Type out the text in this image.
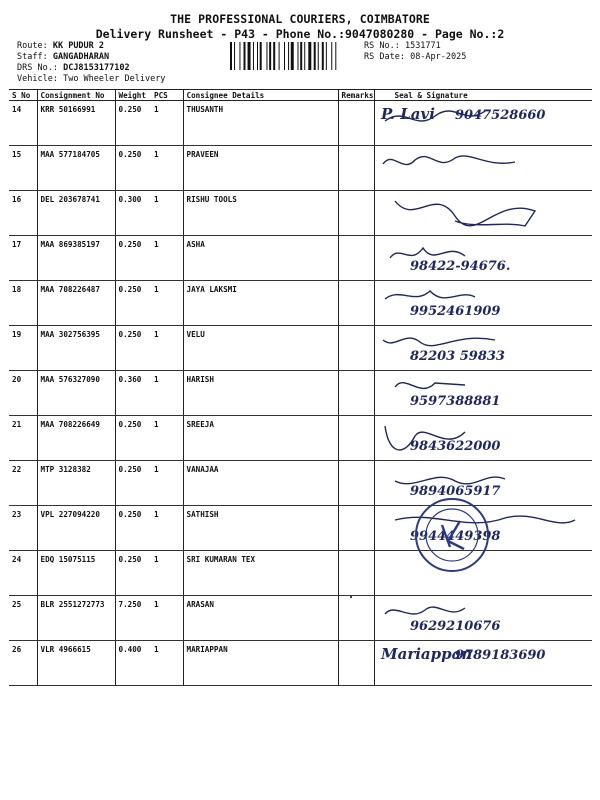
THE PROFESSIONAL COURIERS, COIMBATORE
Delivery Runsheet - P43 - Phone No.:9047080280 - Page No.:2
Route: KK PUDUR 2
Staff: GANGADHARAN
DRS No.: DCJ8153177102
Vehicle: Two Wheeler Delivery
RS No.: 1531771
RS Date: 08-Apr-2025
S No	Consignment No	Weight	PCS	Consignee Details	Remarks	Seal & Signature
14	KRR 50166991	0.250	1	THUSANTH		P. Lavi 9047528660

15	MAA 577184705	0.250	1	PRAVEEN		

16	DEL 203678741	0.300	1	RISHU TOOLS		

17	MAA 869385197	0.250	1	ASHA		98422-94676.

18	MAA 708226487	0.250	1	JAYA LAKSMI		9952461909

19	MAA 302756395	0.250	1	VELU		82203 59833

20	MAA 576327090	0.360	1	HARISH		9597388881

21	MAA 708226649	0.250	1	SREEJA		9843622000

22	MTP 3128382	0.250	1	VANAJAA		9894065917

23	VPL 227094220	0.250	1	SATHISH		9944449398

24	EDQ 15075115	0.250	1	SRI KUMARAN TEX		

25	BLR 2551272773	7.250	1	ARASAN		9629210676

26	VLR 4966615	0.400	1	MARIAPPAN		Mariappan
9789183690
